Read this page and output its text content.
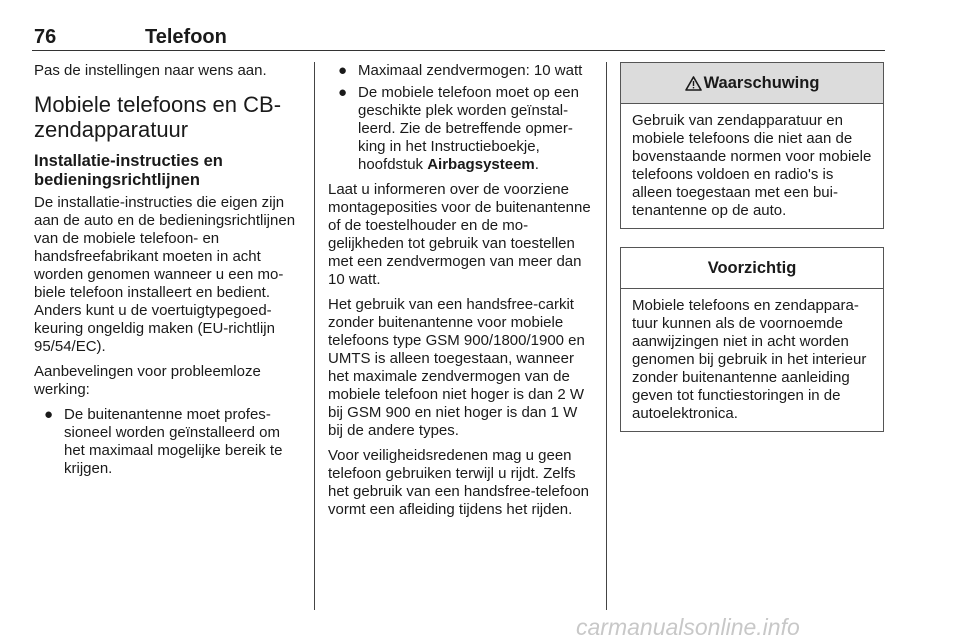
76	Telefoon

Pas de instellingen naar wens aan.

Mobiele telefoons en CB-zendapparatuur
Installatie-instructies en bedieningsrichtlijnen

De installatie-instructies die eigen zijn aan de auto en de bedieningsrichtlijnen van de mobiele telefoon- en handsfreefabrikant moeten in acht worden genomen wanneer u een mobiele telefoon installeert en bedient. Anders kunt u de voertuigtypegoedkeuring ongeldig maken (EU-richtlijn 95/54/EC).

Aanbevelingen voor probleemloze werking:

● De buitenantenne moet professioneel worden geïnstalleerd om het maximaal mogelijke bereik te krijgen.
● Maximaal zendvermogen: 10 watt
● De mobiele telefoon moet op een geschikte plek worden geïnstalleerd. Zie de betreffende opmerking in het Instructieboekje, hoofdstuk Airbagsysteem.

Laat u informeren over de voorziene montageposities voor de buitenantenne of de toestelhouder en de mogelijkheden tot gebruik van toestellen met een zendvermogen van meer dan 10 watt.

Het gebruik van een handsfree-carkit zonder buitenantenne voor mobiele telefoons type GSM 900/1800/1900 en UMTS is alleen toegestaan, wanneer het maximale zendvermogen van de mobiele telefoon niet hoger is dan 2 W bij GSM 900 en niet hoger is dan 1 W bij de andere types.

Voor veiligheidsredenen mag u geen telefoon gebruiken terwijl u rijdt. Zelfs het gebruik van een handsfree-telefoon vormt een afleiding tijdens het rijden.

Waarschuwing
Gebruik van zendapparatuur en mobiele telefoons die niet aan de bovenstaande normen voor mobiele telefoons voldoen en radio's is alleen toegestaan met een buitenantenne op de auto.
Voorzichtig
Mobiele telefoons en zendapparatuur kunnen als de voornoemde aanwijzingen niet in acht worden genomen bij gebruik in het interieur zonder buitenantenne aanleiding geven tot functiestoringen in de autoelektronica.
carmanualsonline.info
